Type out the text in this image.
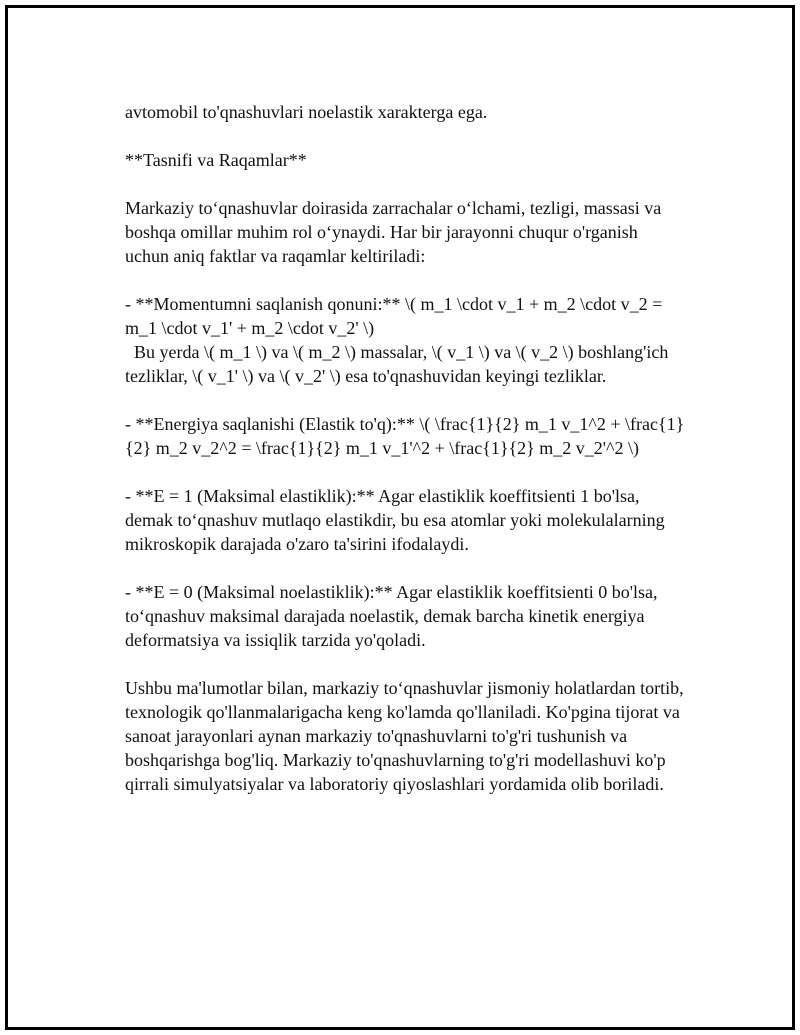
avtomobil to'qnashuvlari noelastik xarakterga ega.

**Tasnifi va Raqamlar**

Markaziy to‘qnashuvlar doirasida zarrachalar o‘lchami, tezligi, massasi va boshqa omillar muhim rol o‘ynaydi. Har bir jarayonni chuqur o'rganish uchun aniq faktlar va raqamlar keltiriladi:

- **Momentumni saqlanish qonuni:** \( m_1 \cdot v_1 + m_2 \cdot v_2 = m_1 \cdot v_1' + m_2 \cdot v_2' \)
Bu yerda \( m_1 \) va \( m_2 \) massalar, \( v_1 \) va \( v_2 \) boshlang'ich tezliklar, \( v_1' \) va \( v_2' \) esa to'qnashuvidan keyingi tezliklar.

- **Energiya saqlanishi (Elastik to'q):** \( \frac{1}{2} m_1 v_1^2 + \frac{1}{2} m_2 v_2^2 = \frac{1}{2} m_1 v_1'^2 + \frac{1}{2} m_2 v_2'^2 \)

- **E = 1 (Maksimal elastiklik):** Agar elastiklik koeffitsienti 1 bo'lsa, demak to‘qnashuv mutlaqo elastikdir, bu esa atomlar yoki molekulalarning mikroskopik darajada o'zaro ta'sirini ifodalaydi.

- **E = 0 (Maksimal noelastiklik):** Agar elastiklik koeffitsienti 0 bo'lsa, to‘qnashuv maksimal darajada noelastik, demak barcha kinetik energiya deformatsiya va issiqlik tarzida yo'qoladi.

Ushbu ma'lumotlar bilan, markaziy to‘qnashuvlar jismoniy holatlardan tortib, texnologik qo'llanmalarigacha keng ko'lamda qo'llaniladi. Ko'pgina tijorat va sanoat jarayonlari aynan markaziy to'qnashuvlarni to'g'ri tushunish va boshqarishga bog'liq. Markaziy to'qnashuvlarning to'g'ri modellashuvi ko'p qirrali simulyatsiyalar va laboratoriy qiyoslashlari yordamida olib boriladi.
